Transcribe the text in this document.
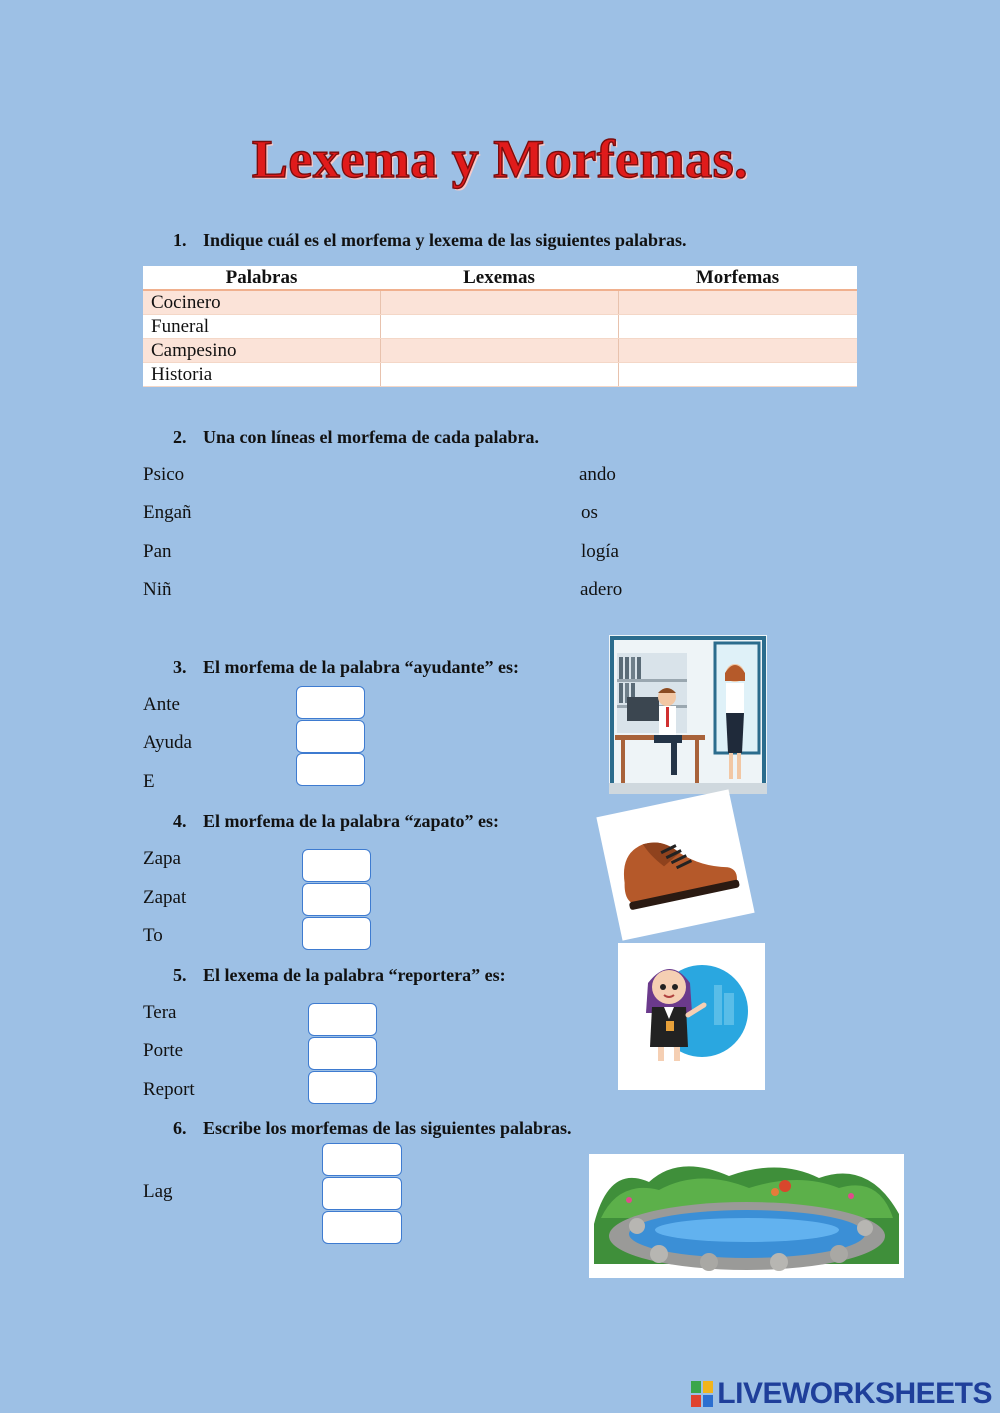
Lexema y Morfemas.
1. Indique cuál es el morfema y lexema de las siguientes palabras.
Palabras	Lexemas	Morfemas
Cocinero		
Funeral		
Campesino		
Historia		
2. Una con líneas el morfema de cada palabra.
Psico
Engañ
Pan
Niñ
ando
os
logía
adero
3. El morfema de la palabra “ayudante” es:
Ante
Ayuda
E
4. El morfema de la palabra “zapato” es:
Zapa
Zapat
To
5. El lexema de la palabra “reportera” es:
Tera
Porte
Report
6. Escribe los morfemas de las siguientes palabras.
Lag
LIVEWORKSHEETS
